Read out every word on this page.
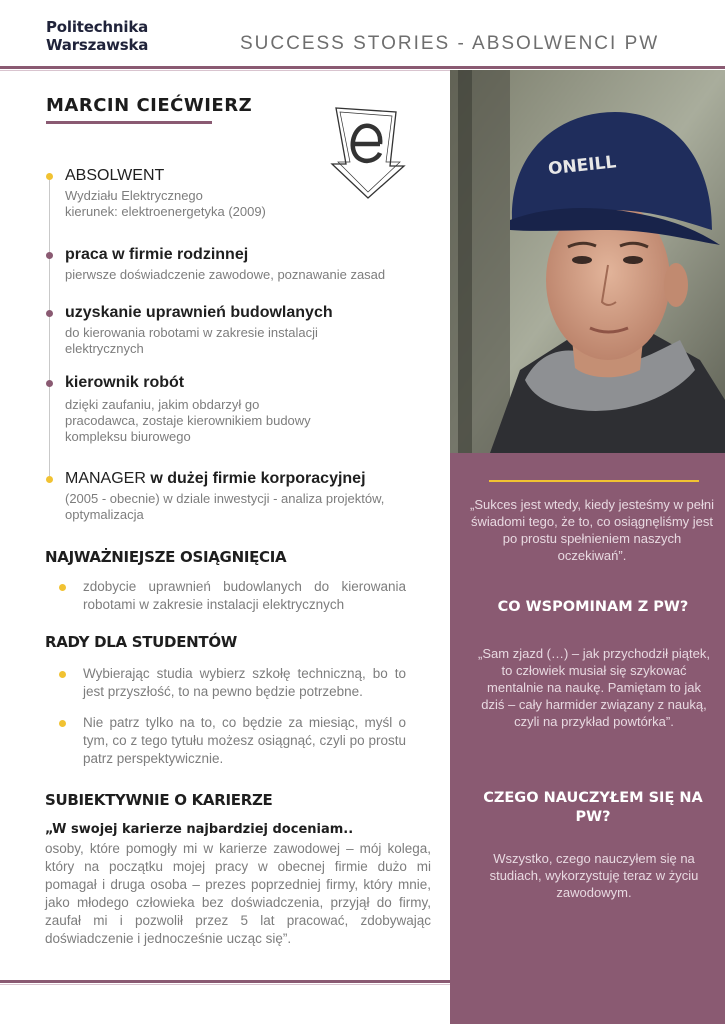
Politechnika
Warszawska	SUCCESS STORIES - ABSOLWENCI PW
MARCIN CIEĆWIERZ
ABSOLWENT
Wydziału Elektrycznego
kierunek: elektroenergetyka (2009)
praca w firmie rodzinnej
pierwsze doświadczenie zawodowe, poznawanie zasad
uzyskanie uprawnień budowlanych
do kierowania robotami w zakresie instalacji
elektrycznych
kierownik robót
dzięki zaufaniu, jakim obdarzył go
pracodawca, zostaje kierownikiem budowy
kompleksu biurowego
MANAGER w dużej firmie korporacyjnej
(2005 - obecnie) w dziale inwestycji - analiza projektów,
optymalizacja
NAJWAŻNIEJSZE OSIĄGNIĘCIA
zdobycie uprawnień budowlanych do kierowania robotami w zakresie instalacji elektrycznych
RADY DLA STUDENTÓW
Wybierając studia wybierz szkołę techniczną, bo to jest przyszłość, to na pewno będzie potrzebne.
Nie patrz tylko na to, co będzie za miesiąc, myśl o tym, co z tego tytułu możesz osiągnąć, czyli po prostu patrz perspektywicznie.
SUBIEKTYWNIE O KARIERZE
„W swojej karierze najbardziej doceniam..
osoby, które pomogły mi w karierze zawodowej – mój kolega, który na początku mojej pracy w obecnej firmie dużo mi pomagał i druga osoba – prezes poprzedniej firmy, który mnie, jako młodego człowieka bez doświadczenia, przyjął do firmy, zaufał mi i pozwolił przez 5 lat pracować, zdobywając doświadczenie i jednocześnie ucząc się”.
ONEILL
„Sukces jest wtedy, kiedy jesteśmy w pełni świadomi tego, że to, co osiągnęliśmy jest po prostu spełnieniem naszych oczekiwań”.
CO WSPOMINAM Z PW?
„Sam zjazd (…) – jak przychodził piątek, to człowiek musiał się szykować mentalnie na naukę. Pamiętam to jak dziś – cały harmider związany z nauką, czyli na przykład powtórka”.
CZEGO NAUCZYŁEM SIĘ NA PW?
Wszystko, czego nauczyłem się na studiach, wykorzystuję teraz w życiu zawodowym.
